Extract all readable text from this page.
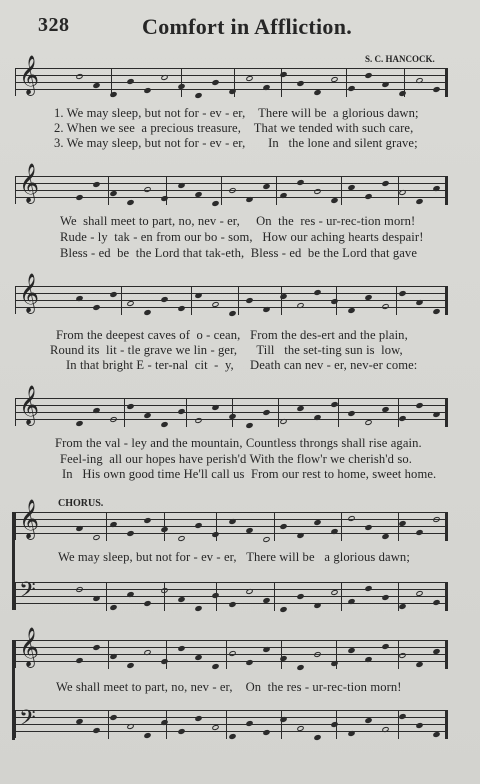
328	Comfort in Affliction.
S. C. HANCOCK.
𝄞
1. We may sleep, but not for - ev - er,    There will be  a glorious dawn;
2. When we see  a precious treasure,    That we tended with such care,
3. We may sleep, but not for - ev - er,       In   the lone and silent grave;
𝄞
We  shall meet to part, no, nev - er,     On  the  res - ur-rec-tion morn!
Rude - ly  tak - en from our bo - som,   How our aching hearts despair!
Bless - ed  be  the Lord that tak-eth,  Bless - ed  be the Lord that gave
𝄞
From the deepest caves of  o - cean,   From the des-ert and the plain,
Round its  lit - tle grave we lin - ger,      Till   the set-ting sun is  low,
In that bright E - ter-nal  cit  -  y,     Death can nev - er, nev-er come:
𝄞
From the val - ley and the mountain, Countless throngs shall rise again.
Feel-ing  all our hopes have perish'd With the flow'r we cherish'd so.
In   His own good time He'll call us  From our rest to home, sweet home.
CHORUS.
𝄞
We may sleep, but not for - ev - er,   There will be   a glorious dawn;
𝄢
𝄞
We shall meet to part, no, nev - er,    On  the res - ur-rec-tion morn!
𝄢
